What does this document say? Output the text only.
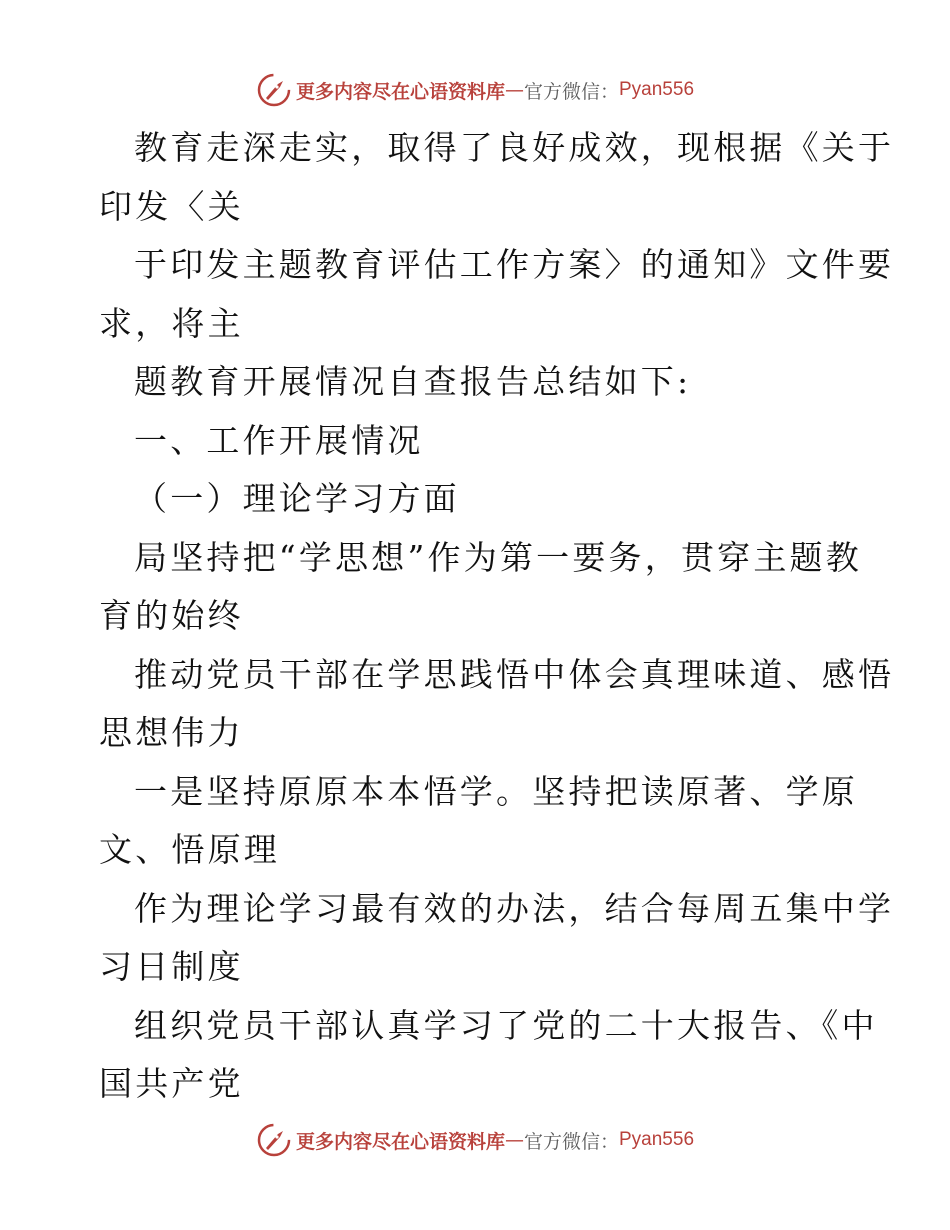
更多内容尽在心语资料库 — 官方微信： Pyan556
教育走深走实，取得了良好成效，现根据《关于
印发〈关
于印发主题教育评估工作方案〉的通知》文件要
求，将主
题教育开展情况自查报告总结如下:
一、工作开展情况
（一）理论学习方面
局坚持把“学思想”作为第一要务，贯穿主题教
育的始终
推动党员干部在学思践悟中体会真理味道、感悟
思想伟力
一是坚持原原本本悟学。坚持把读原著、学原
文、悟原理
作为理论学习最有效的办法，结合每周五集中学
习日制度
组织党员干部认真学习了党的二十大报告、《中
国共产党
更多内容尽在心语资料库 — 官方微信： Pyan556
